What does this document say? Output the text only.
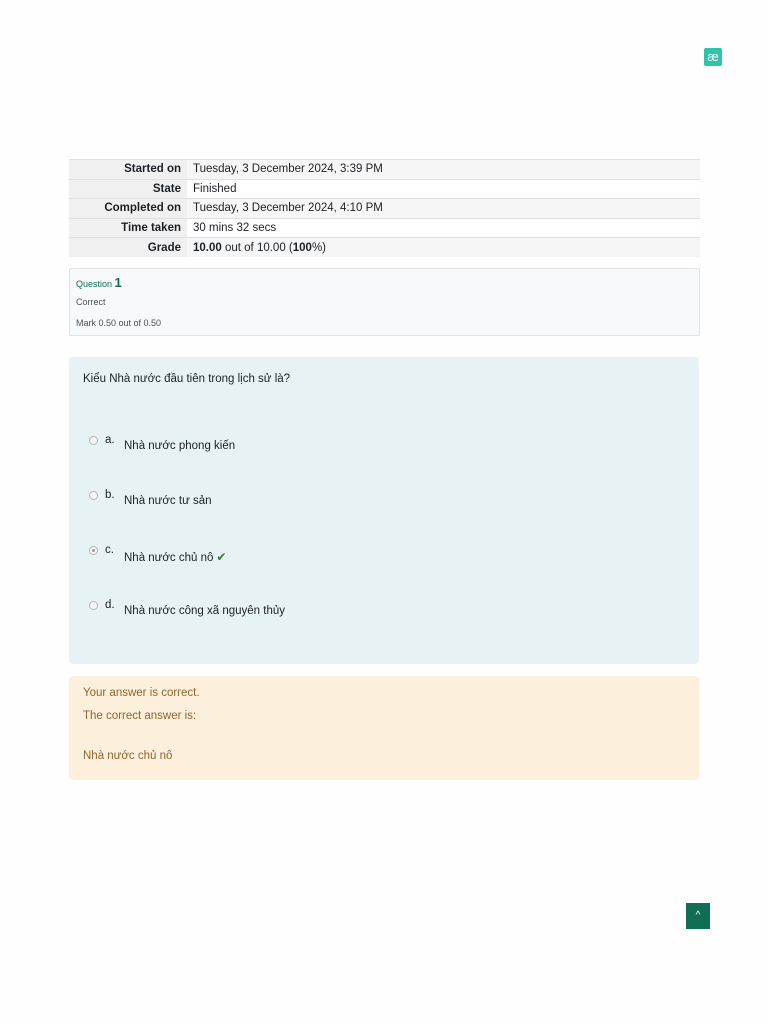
æ
Started on	Tuesday, 3 December 2024, 3:39 PM
State	Finished
Completed on	Tuesday, 3 December 2024, 4:10 PM
Time taken	30 mins 32 secs
Grade	10.00 out of 10.00 (100%)
Question 1
Correct
Mark 0.50 out of 0.50
Kiểu Nhà nước đầu tiên trong lịch sử là?
a. Nhà nước phong kiến
b. Nhà nước tư sản
c.
Nhà nước chủ nô ✔
d. Nhà nước công xã nguyên thủy
Your answer is correct.
The correct answer is:
Nhà nước chủ nô
^
